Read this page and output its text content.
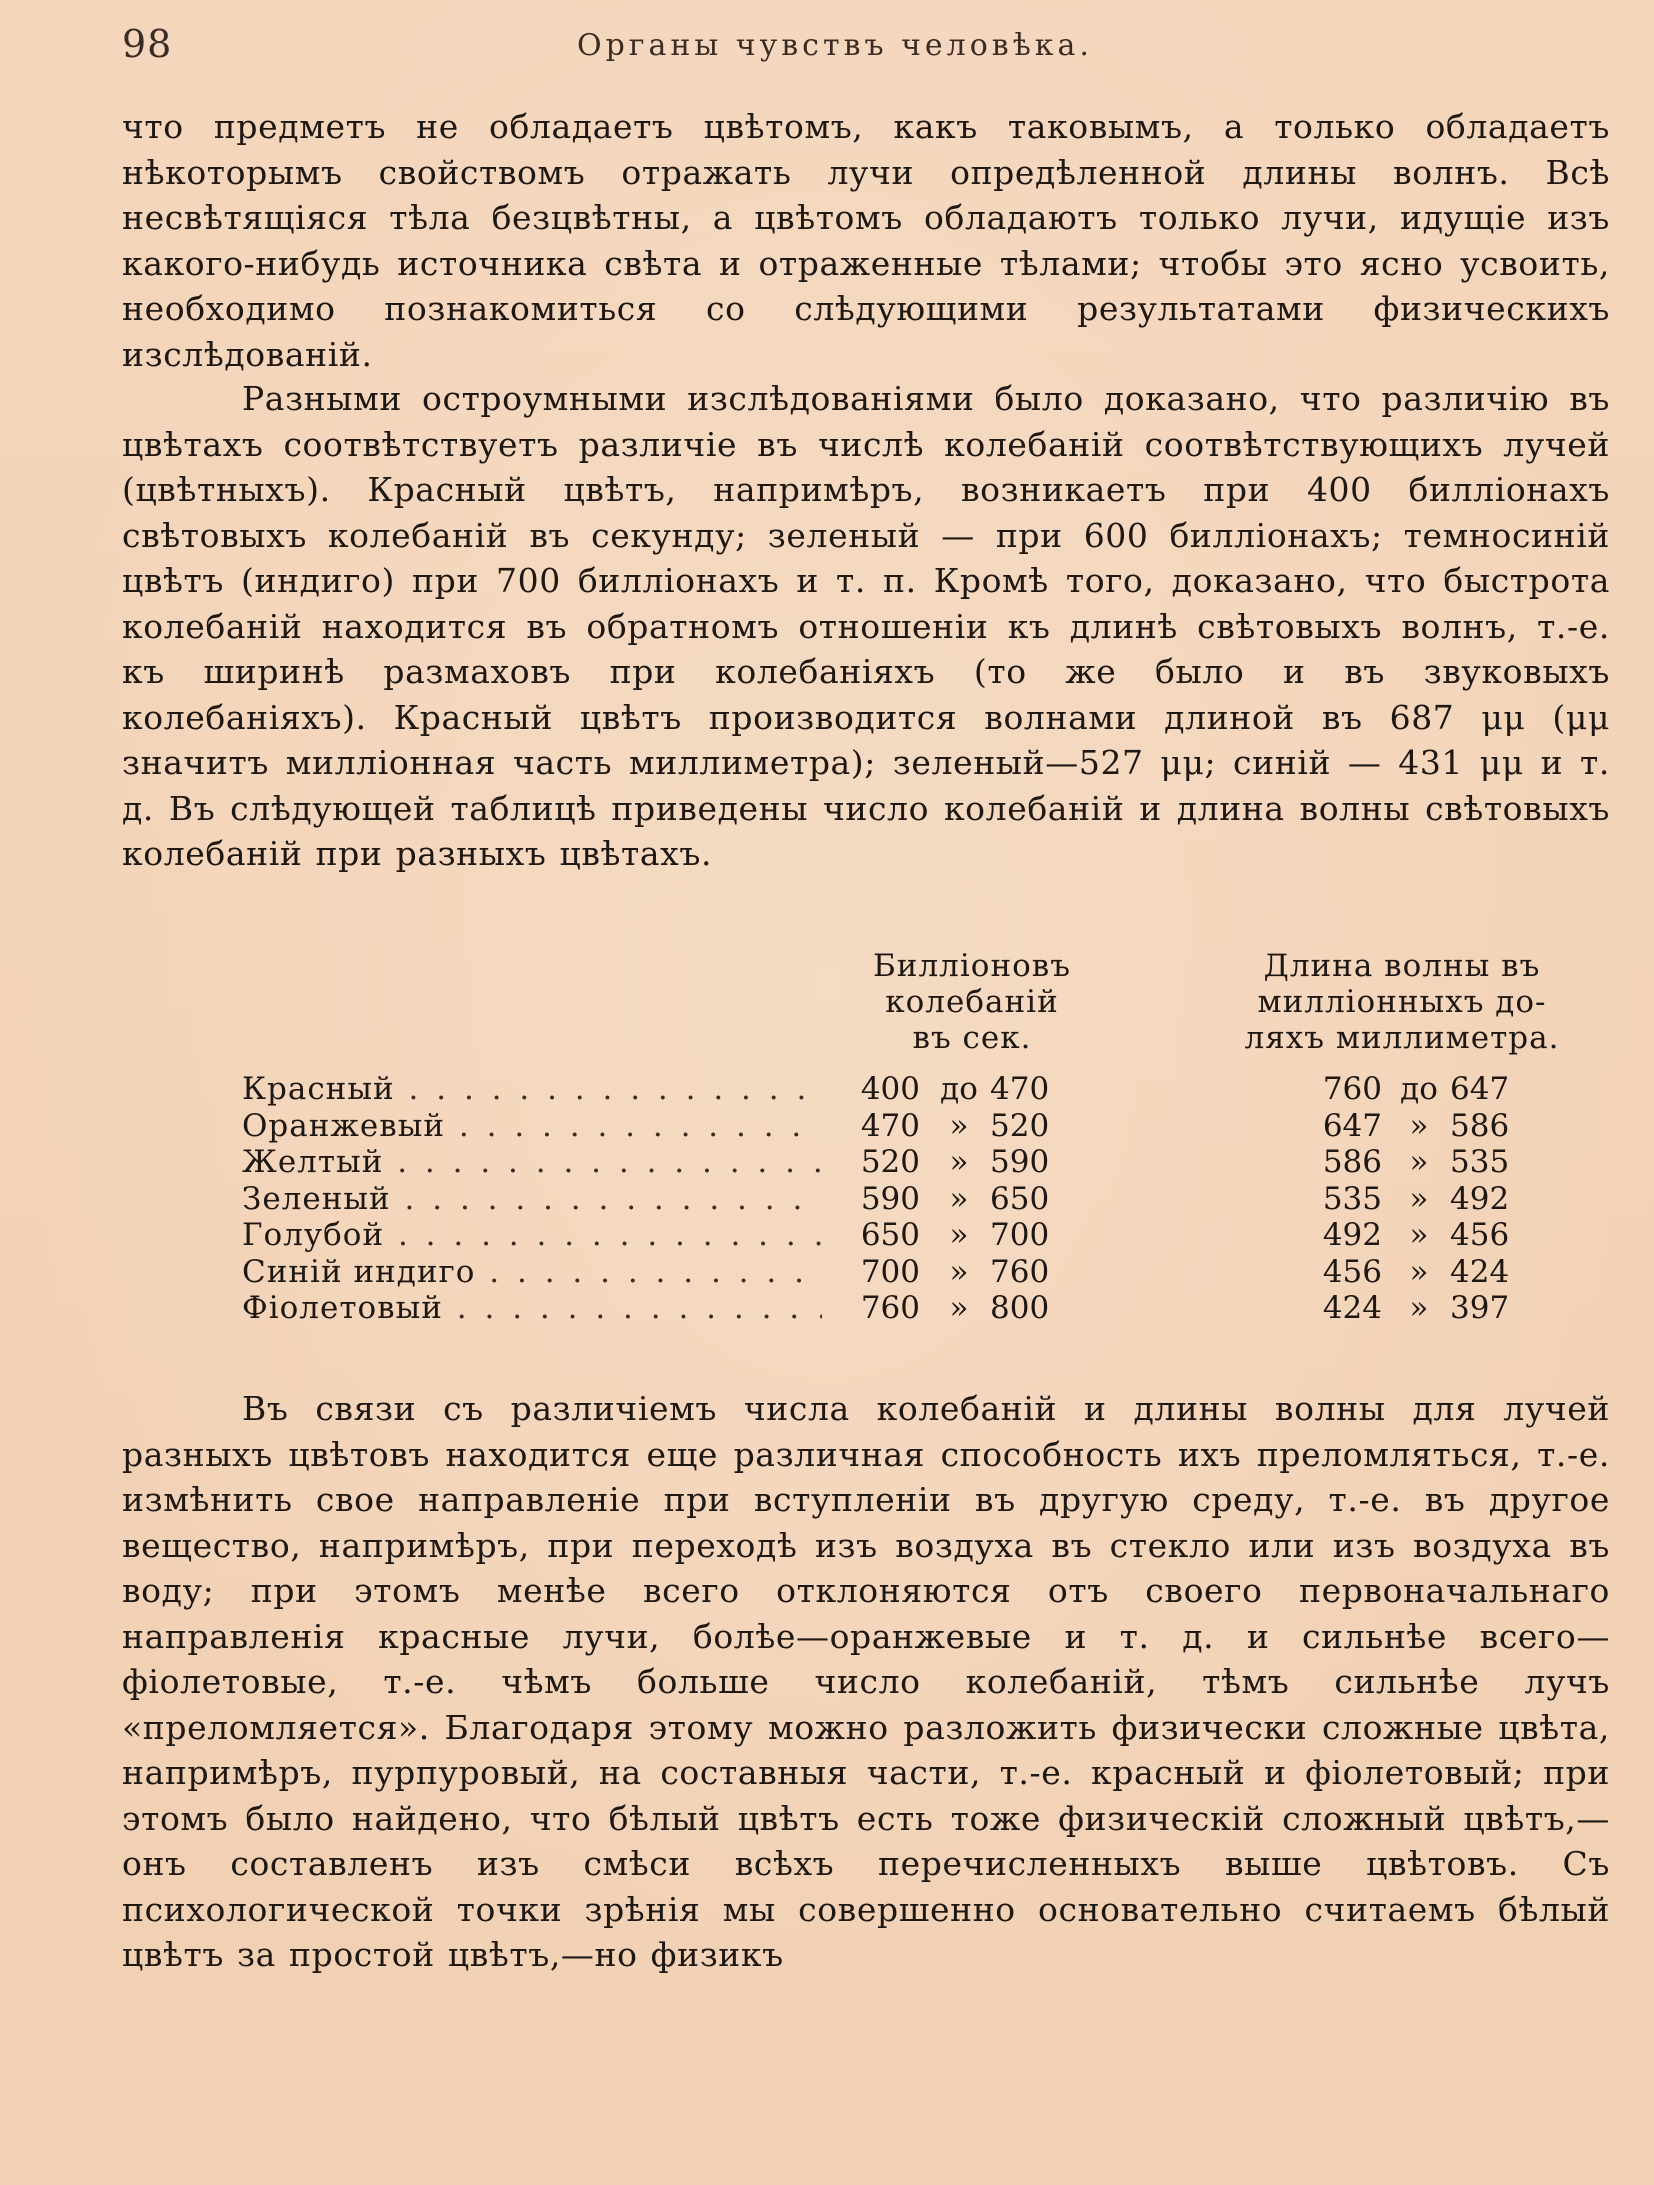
98	Органы чувствъ человѣка.

что предметъ не обладаетъ цвѣтомъ, какъ таковымъ, а только обладаетъ нѣкоторымъ свойствомъ отражать лучи опредѣленной длины волнъ. Всѣ несвѣтящіяся тѣла безцвѣтны, а цвѣтомъ обладаютъ только лучи, идущіе изъ какого-нибудь источника свѣта и отраженные тѣлами; чтобы это ясно усвоить, необходимо познакомиться со слѣдующими результатами физическихъ изслѣдованій.

Разными остроумными изслѣдованіями было доказано, что различію въ цвѣтахъ соотвѣтствуетъ различіе въ числѣ колебаній соотвѣтствующихъ лучей (цвѣтныхъ). Красный цвѣтъ, напримѣръ, возникаетъ при 400 билліонахъ свѣтовыхъ колебаній въ секунду; зеленый — при 600 билліонахъ; темносиній цвѣтъ (индиго) при 700 билліонахъ и т. п. Кромѣ того, доказано, что быстрота колебаній находится въ обратномъ отношеніи къ длинѣ свѣтовыхъ волнъ, т.-е. къ ширинѣ размаховъ при колебаніяхъ (то же было и въ звуковыхъ колебаніяхъ). Красный цвѣтъ производится волнами длиной въ 687 μμ (μμ значитъ милліонная часть миллиметра); зеленый—527 μμ; синій — 431 μμ и т. д. Въ слѣдующей таблицѣ приведены число колебаній и длина волны свѣтовыхъ колебаній при разныхъ цвѣтахъ.

Билліоновъ
колебаній
въ сек.
Длина волны въ
милліонныхъ до-
ляхъ миллиметра.
Красный . . .	400 до 470	760 до 647
Оранжевый . . .	470 » 520	647 » 586
Желтый . . .	520 » 590	586 » 535
Зеленый . . .	590 » 650	535 » 492
Голубой . . .	650 » 700	492 » 456
Синій индиго . . .	700 » 760	456 » 424
Фіолетовый . . .	760 » 800	424 » 397

Въ связи съ различіемъ числа колебаній и длины волны для лучей разныхъ цвѣтовъ находится еще различная способность ихъ преломляться, т.-е. измѣнить свое направленіе при вступленіи въ другую среду, т.-е. въ другое вещество, напримѣръ, при переходѣ изъ воздуха въ стекло или изъ воздуха въ воду; при этомъ менѣе всего отклоняются отъ своего первоначальнаго направленія красные лучи, болѣе—оранжевые и т. д. и сильнѣе всего—фіолетовые, т.-е. чѣмъ больше число колебаній, тѣмъ сильнѣе лучъ «преломляется». Благодаря этому можно разложить физически сложные цвѣта, напримѣръ, пурпуровый, на составныя части, т.-е. красный и фіолетовый; при этомъ было найдено, что бѣлый цвѣтъ есть тоже физическій сложный цвѣтъ,—онъ составленъ изъ смѣси всѣхъ перечисленныхъ выше цвѣтовъ. Съ психологической точки зрѣнія мы совершенно основательно считаемъ бѣлый цвѣтъ за простой цвѣтъ,—но физикъ
